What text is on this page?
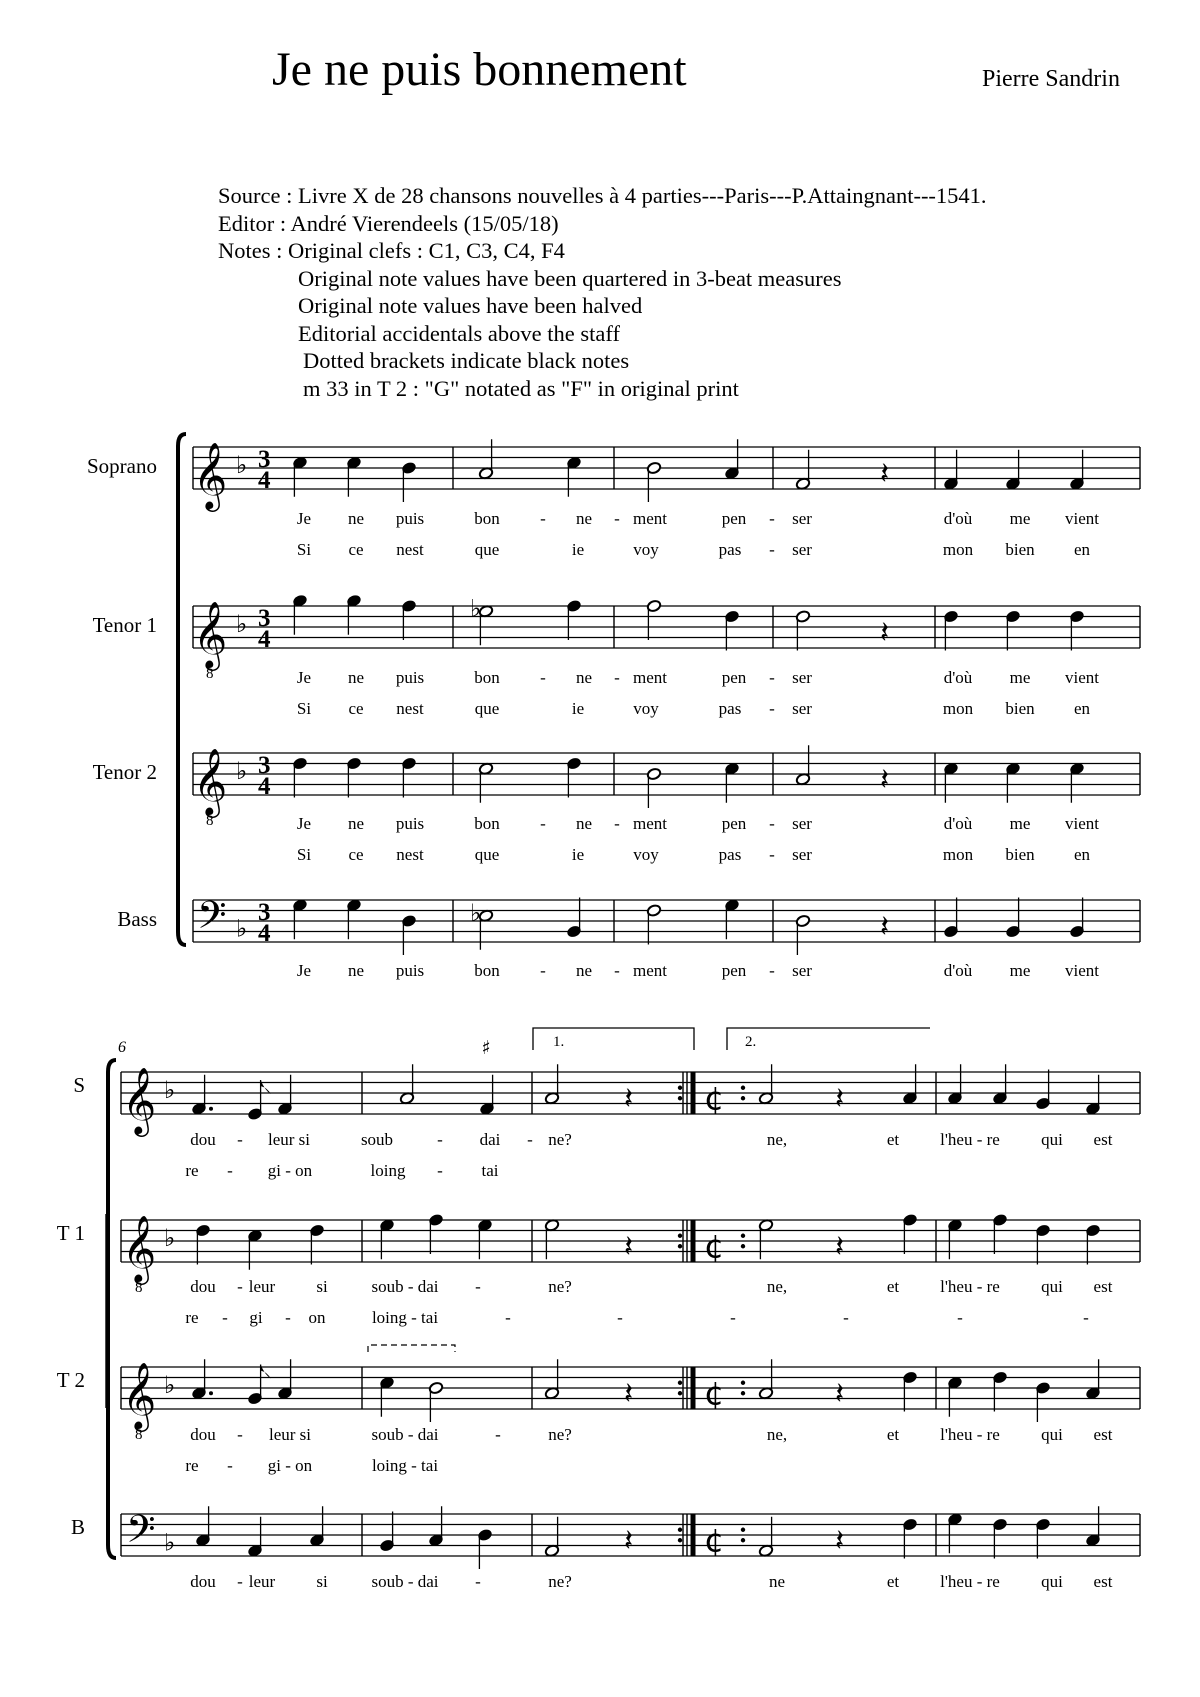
Je ne puis bonnement	Pierre Sandrin
Source : Livre X de 28 chansons nouvelles à 4 parties---Paris---P.Attaingnant---1541.
Editor : André Vierendeels (15/05/18)
Notes : Original clefs : C1, C3, C4, F4
Original note values have been quartered in 3-beat measures
Original note values have been halved
Editorial accidentals above the staff
Dotted brackets indicate black notes
m 33 in T 2 : "G" notated as "F" in original print
Soprano
Tenor 1
Tenor 2
Bass
𝄞
𝄞
8
𝄞
8
𝄢
♭
♭
♭
♭
3
4
3
4
3
4
3
4
𝄽
𝄽
♭
𝄽
𝄽
♭
Je ne puis	bon - ne - ment	pen - ser	d'où me vient
Si ce nest	que	ie	voy	pas - ser	mon bien en
Je ne puis	bon - ne - ment	pen - ser	d'où me vient
Si ce nest	que	ie	voy	pas - ser	mon bien en
Je ne puis	bon - ne - ment	pen - ser	d'où me vient
Si ce nest	que	ie	voy	pas - ser	mon bien en
Je ne puis	bon - ne - ment	pen - ser	d'où me vient
6
S
T 1
T 2
B
𝄞
𝄞
8
𝄞
8
𝄢
♭
♭
♭
♭
¢
¢
¢
¢
1.	2.
♯
𝄽	𝄽
𝄽	𝄽
𝄽	𝄽
𝄽	𝄽
dou - leur si	soub	- dai - ne?	ne,	et l'heu - re qui est
re - gi - on	loing - tai
dou - leur si	soub - dai -	ne?	ne,	et l'heu - re qui est
re - gi - on	loing - tai	-	-	-	-	-	-
dou - leur si	soub - dai	-	ne?	ne,	et l'heu - re qui est
re - gi - on	loing - tai
dou - leur si	soub - dai -	ne?	ne	et l'heu - re qui est
